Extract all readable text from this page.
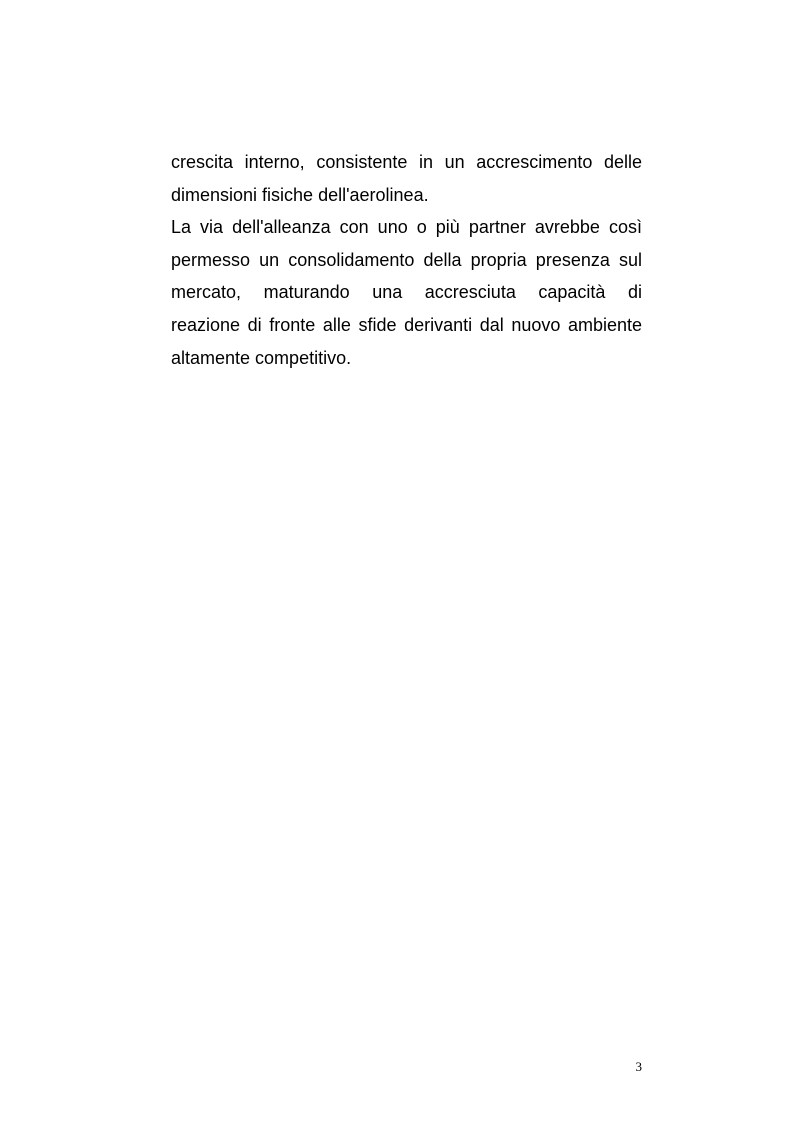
crescita interno, consistente in un accrescimento delle
dimensioni fisiche dell'aerolinea.

La via dell'alleanza con uno o più partner avrebbe così
permesso un consolidamento della propria presenza sul
mercato, maturando una accresciuta capacità di
reazione di fronte alle sfide derivanti dal nuovo ambiente
altamente competitivo.

3
